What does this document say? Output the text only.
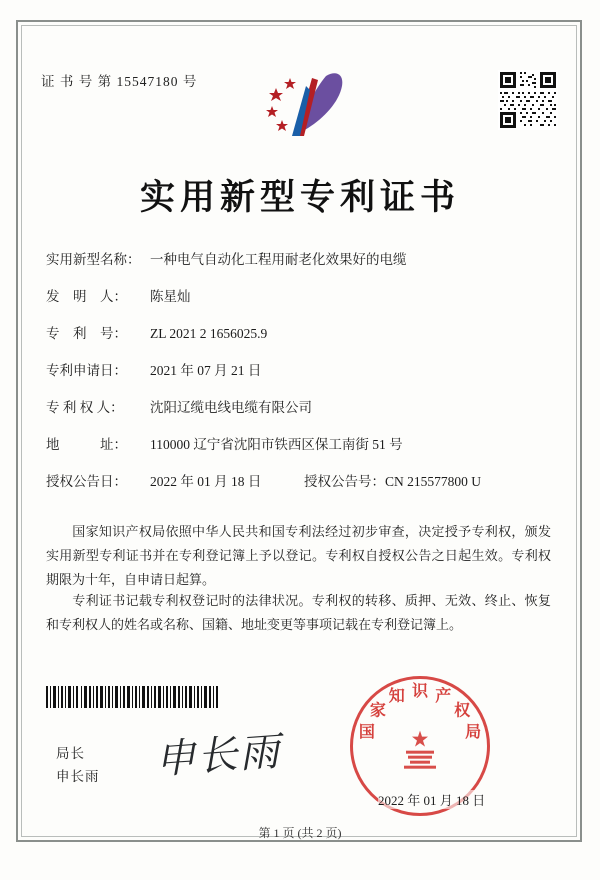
证 书 号 第 15547180 号
实用新型专利证书
实用新型名称： 一种电气自动化工程用耐老化效果好的电缆
发　明　人： 陈星灿
专　利　号： ZL 2021 2 1656025.9
专利申请日： 2021 年 07 月 21 日
专 利 权 人： 沈阳辽缆电线电缆有限公司
地　　　址： 110000 辽宁省沈阳市铁西区保工南街 51 号
授权公告日： 2022 年 01 月 18 日	授权公告号：CN 215577800 U
国家知识产权局依照中华人民共和国专利法经过初步审查，决定授予专利权，颁发实用新型专利证书并在专利登记簿上予以登记。专利权自授权公告之日起生效。专利权期限为十年，自申请日起算。
专利证书记载专利权登记时的法律状况。专利权的转移、质押、无效、终止、恢复和专利权人的姓名或名称、国籍、地址变更等事项记载在专利登记簿上。
国
家
知 识 产
权
局
局长
申长雨 申长雨
2022 年 01 月 18 日
第 1 页 (共 2 页)
